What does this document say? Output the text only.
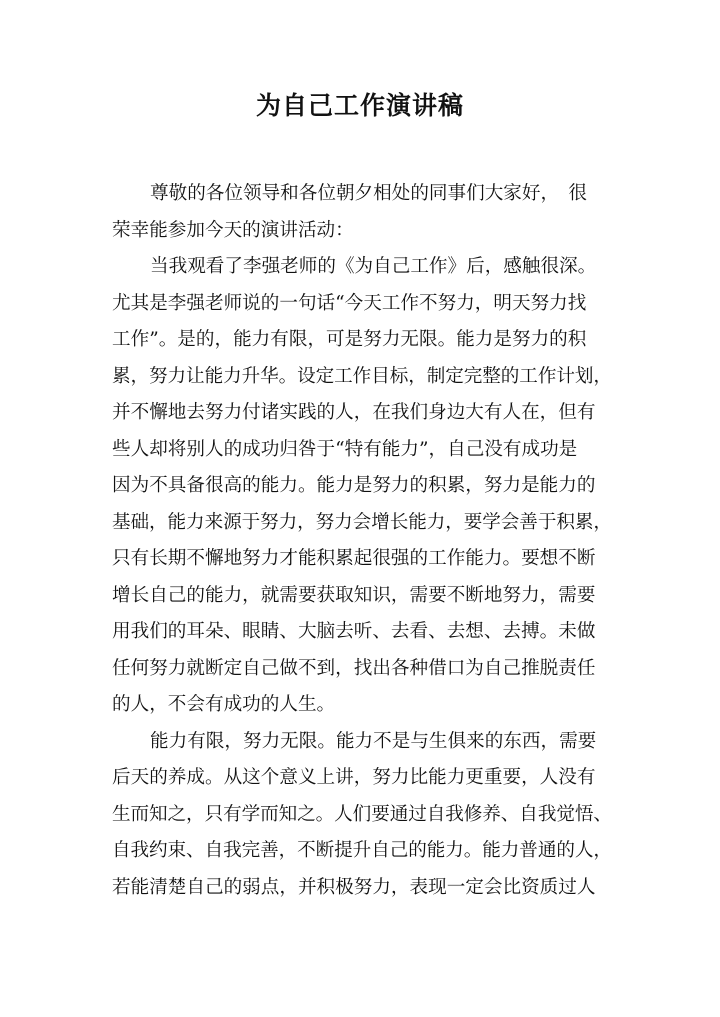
为自己工作演讲稿
尊敬的各位领导和各位朝夕相处的同事们大家好，　很
荣幸能参加今天的演讲活动：
当我观看了李强老师的《为自己工作》后，感触很深。
尤其是李强老师说的一句话“今天工作不努力，明天努力找
工作”。是的，能力有限，可是努力无限。能力是努力的积
累，努力让能力升华。设定工作目标，制定完整的工作计划，
并不懈地去努力付诸实践的人，在我们身边大有人在，但有
些人却将别人的成功归咎于“特有能力”，自己没有成功是
因为不具备很高的能力。能力是努力的积累，努力是能力的
基础，能力来源于努力，努力会增长能力，要学会善于积累，
只有长期不懈地努力才能积累起很强的工作能力。要想不断
增长自己的能力，就需要获取知识，需要不断地努力，需要
用我们的耳朵、眼睛、大脑去听、去看、去想、去搏。未做
任何努力就断定自己做不到，找出各种借口为自己推脱责任
的人，不会有成功的人生。
能力有限，努力无限。能力不是与生俱来的东西，需要
后天的养成。从这个意义上讲，努力比能力更重要，人没有
生而知之，只有学而知之。人们要通过自我修养、自我觉悟、
自我约束、自我完善，不断提升自己的能力。能力普通的人，
若能清楚自己的弱点，并积极努力，表现一定会比资质过人
